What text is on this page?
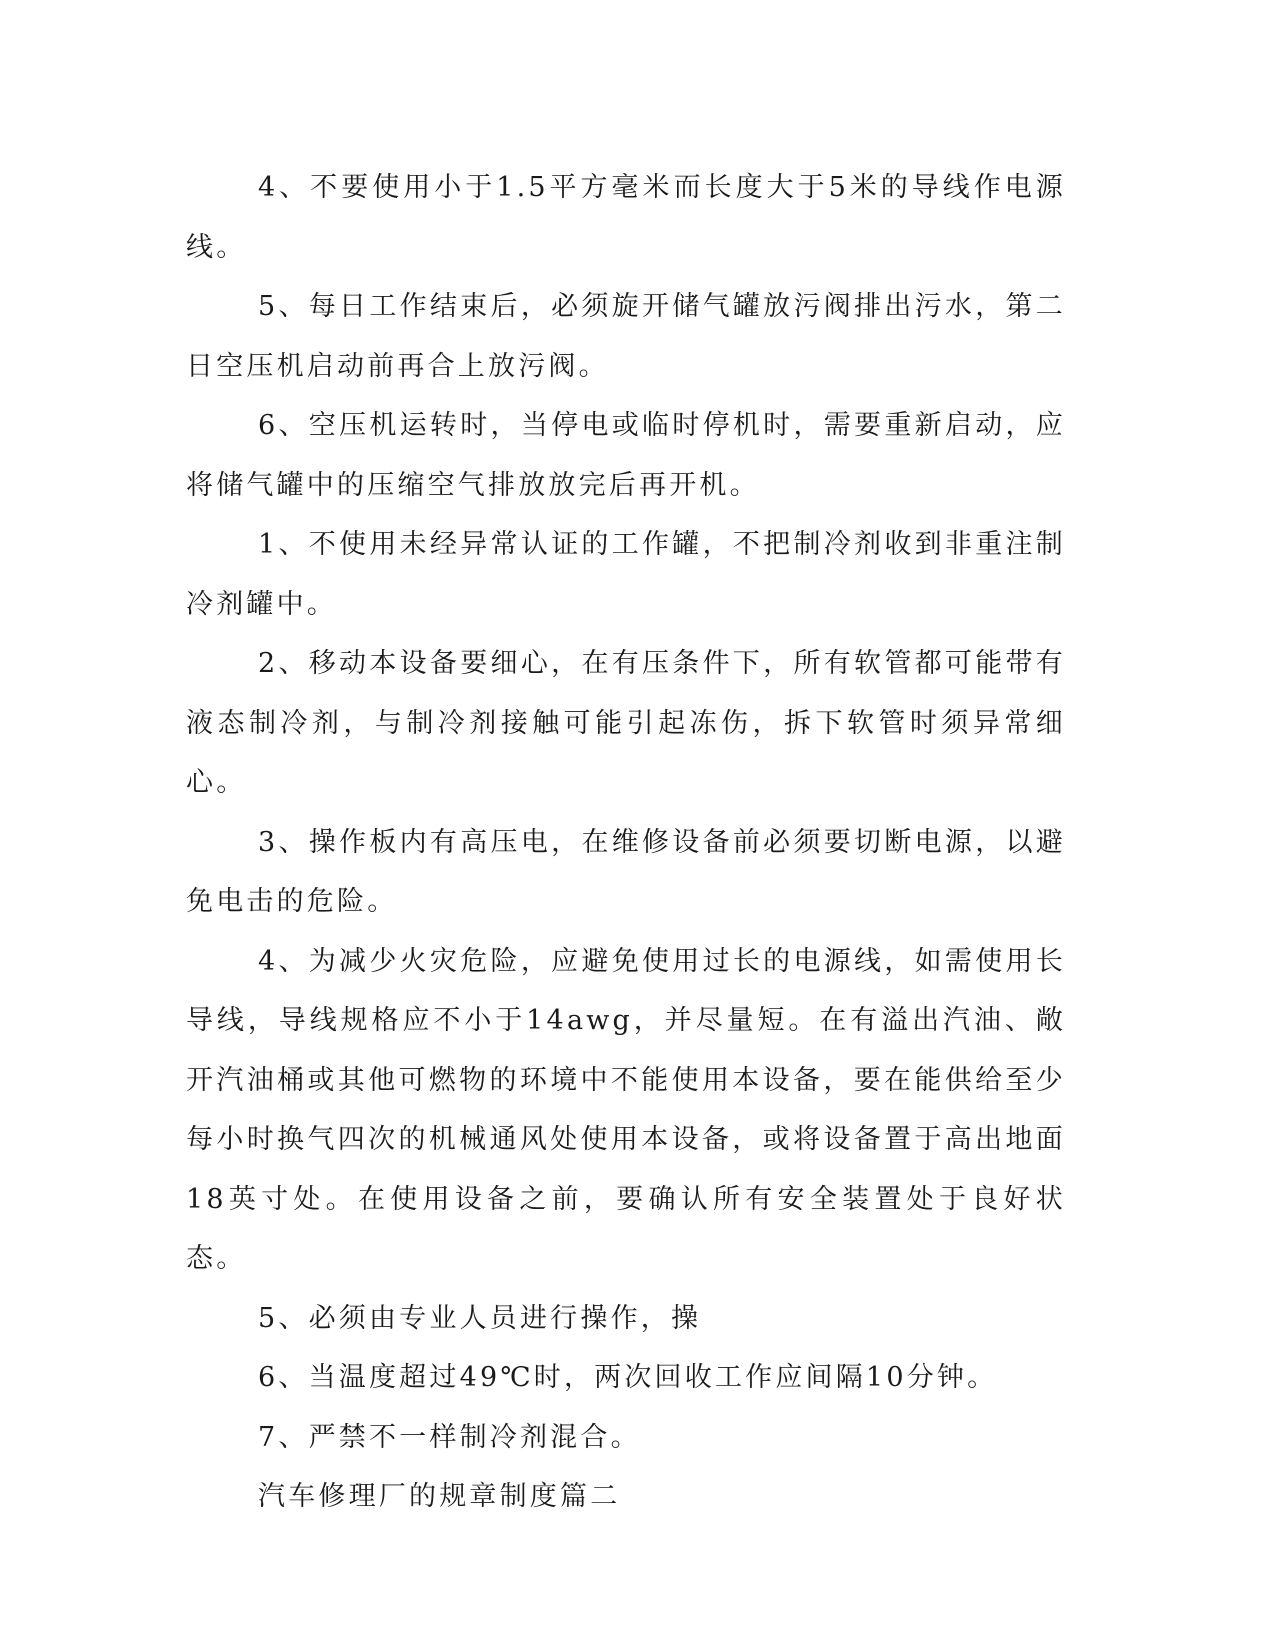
4、不要使用小于1.5平方毫米而长度大于5米的导线作电源线。

5、每日工作结束后，必须旋开储气罐放污阀排出污水，第二日空压机启动前再合上放污阀。

6、空压机运转时，当停电或临时停机时，需要重新启动，应将储气罐中的压缩空气排放放完后再开机。

1、不使用未经异常认证的工作罐，不把制冷剂收到非重注制冷剂罐中。

2、移动本设备要细心，在有压条件下，所有软管都可能带有液态制冷剂，与制冷剂接触可能引起冻伤，拆下软管时须异常细心。

3、操作板内有高压电，在维修设备前必须要切断电源，以避免电击的危险。

4、为减少火灾危险，应避免使用过长的电源线，如需使用长导线，导线规格应不小于14awg，并尽量短。在有溢出汽油、敞开汽油桶或其他可燃物的环境中不能使用本设备，要在能供给至少每小时换气四次的机械通风处使用本设备，或将设备置于高出地面18英寸处。在使用设备之前，要确认所有安全装置处于良好状态。

5、必须由专业人员进行操作，操

6、当温度超过49℃时，两次回收工作应间隔10分钟。

7、严禁不一样制冷剂混合。

汽车修理厂的规章制度篇二
